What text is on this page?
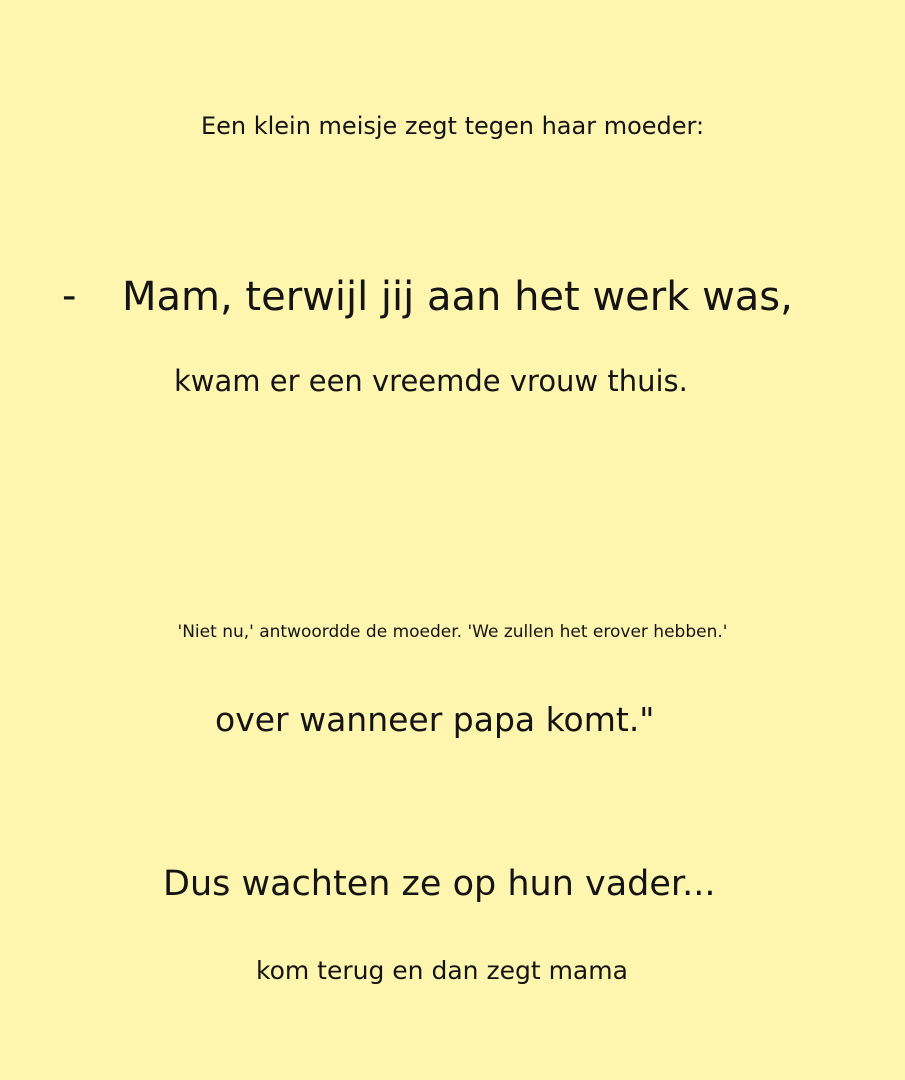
Een klein meisje zegt tegen haar moeder:
- Mam, terwijl jij aan het werk was,
kwam er een vreemde vrouw thuis.
'Niet nu,' antwoordde de moeder. 'We zullen het erover hebben.'
over wanneer papa komt."
Dus wachten ze op hun vader...
kom terug en dan zegt mama
